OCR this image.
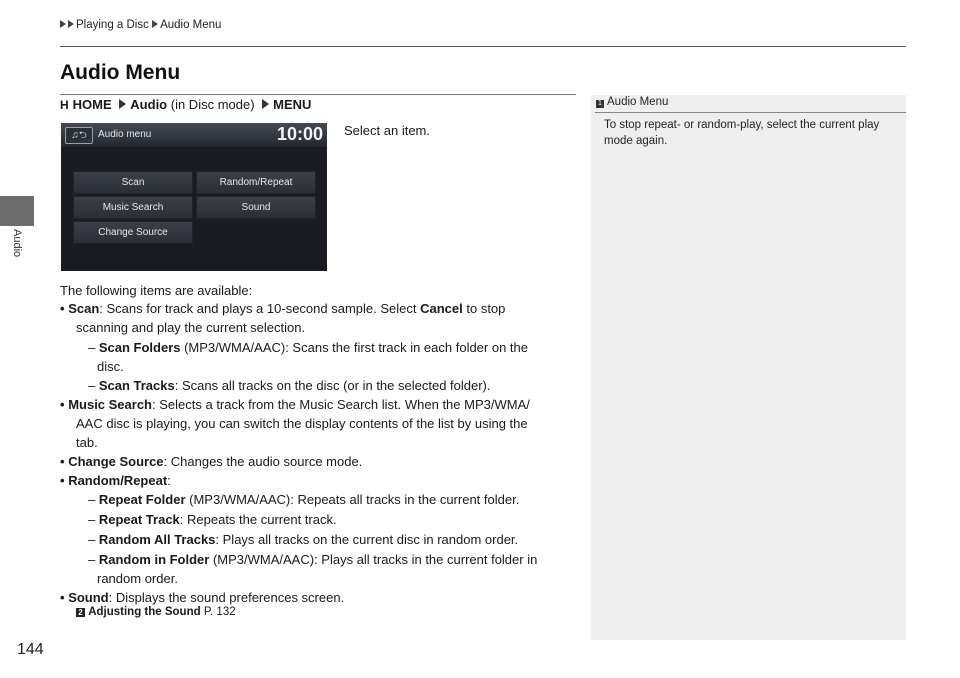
Playing a Disc Audio Menu
Audio
Audio Menu
H HOME Audio (in Disc mode) MENU
♫⮌	Audio menu	10:00
Scan	Random/Repeat
Music Search	Sound
Change Source
Select an item.
The following items are available:
• Scan: Scans for track and plays a 10-second sample. Select Cancel to stop
scanning and play the current selection.
– Scan Folders (MP3/WMA/AAC): Scans the first track in each folder on the
disc.
– Scan Tracks: Scans all tracks on the disc (or in the selected folder).
• Music Search: Selects a track from the Music Search list. When the MP3/WMA/
AAC disc is playing, you can switch the display contents of the list by using the
tab.
• Change Source: Changes the audio source mode.
• Random/Repeat:
– Repeat Folder (MP3/WMA/AAC): Repeats all tracks in the current folder.
– Repeat Track: Repeats the current track.
– Random All Tracks: Plays all tracks on the current disc in random order.
– Random in Folder (MP3/WMA/AAC): Plays all tracks in the current folder in
random order.
• Sound: Displays the sound preferences screen.
2 Adjusting the Sound P. 132
1 Audio Menu
To stop repeat- or random-play, select the current play mode again.
144
